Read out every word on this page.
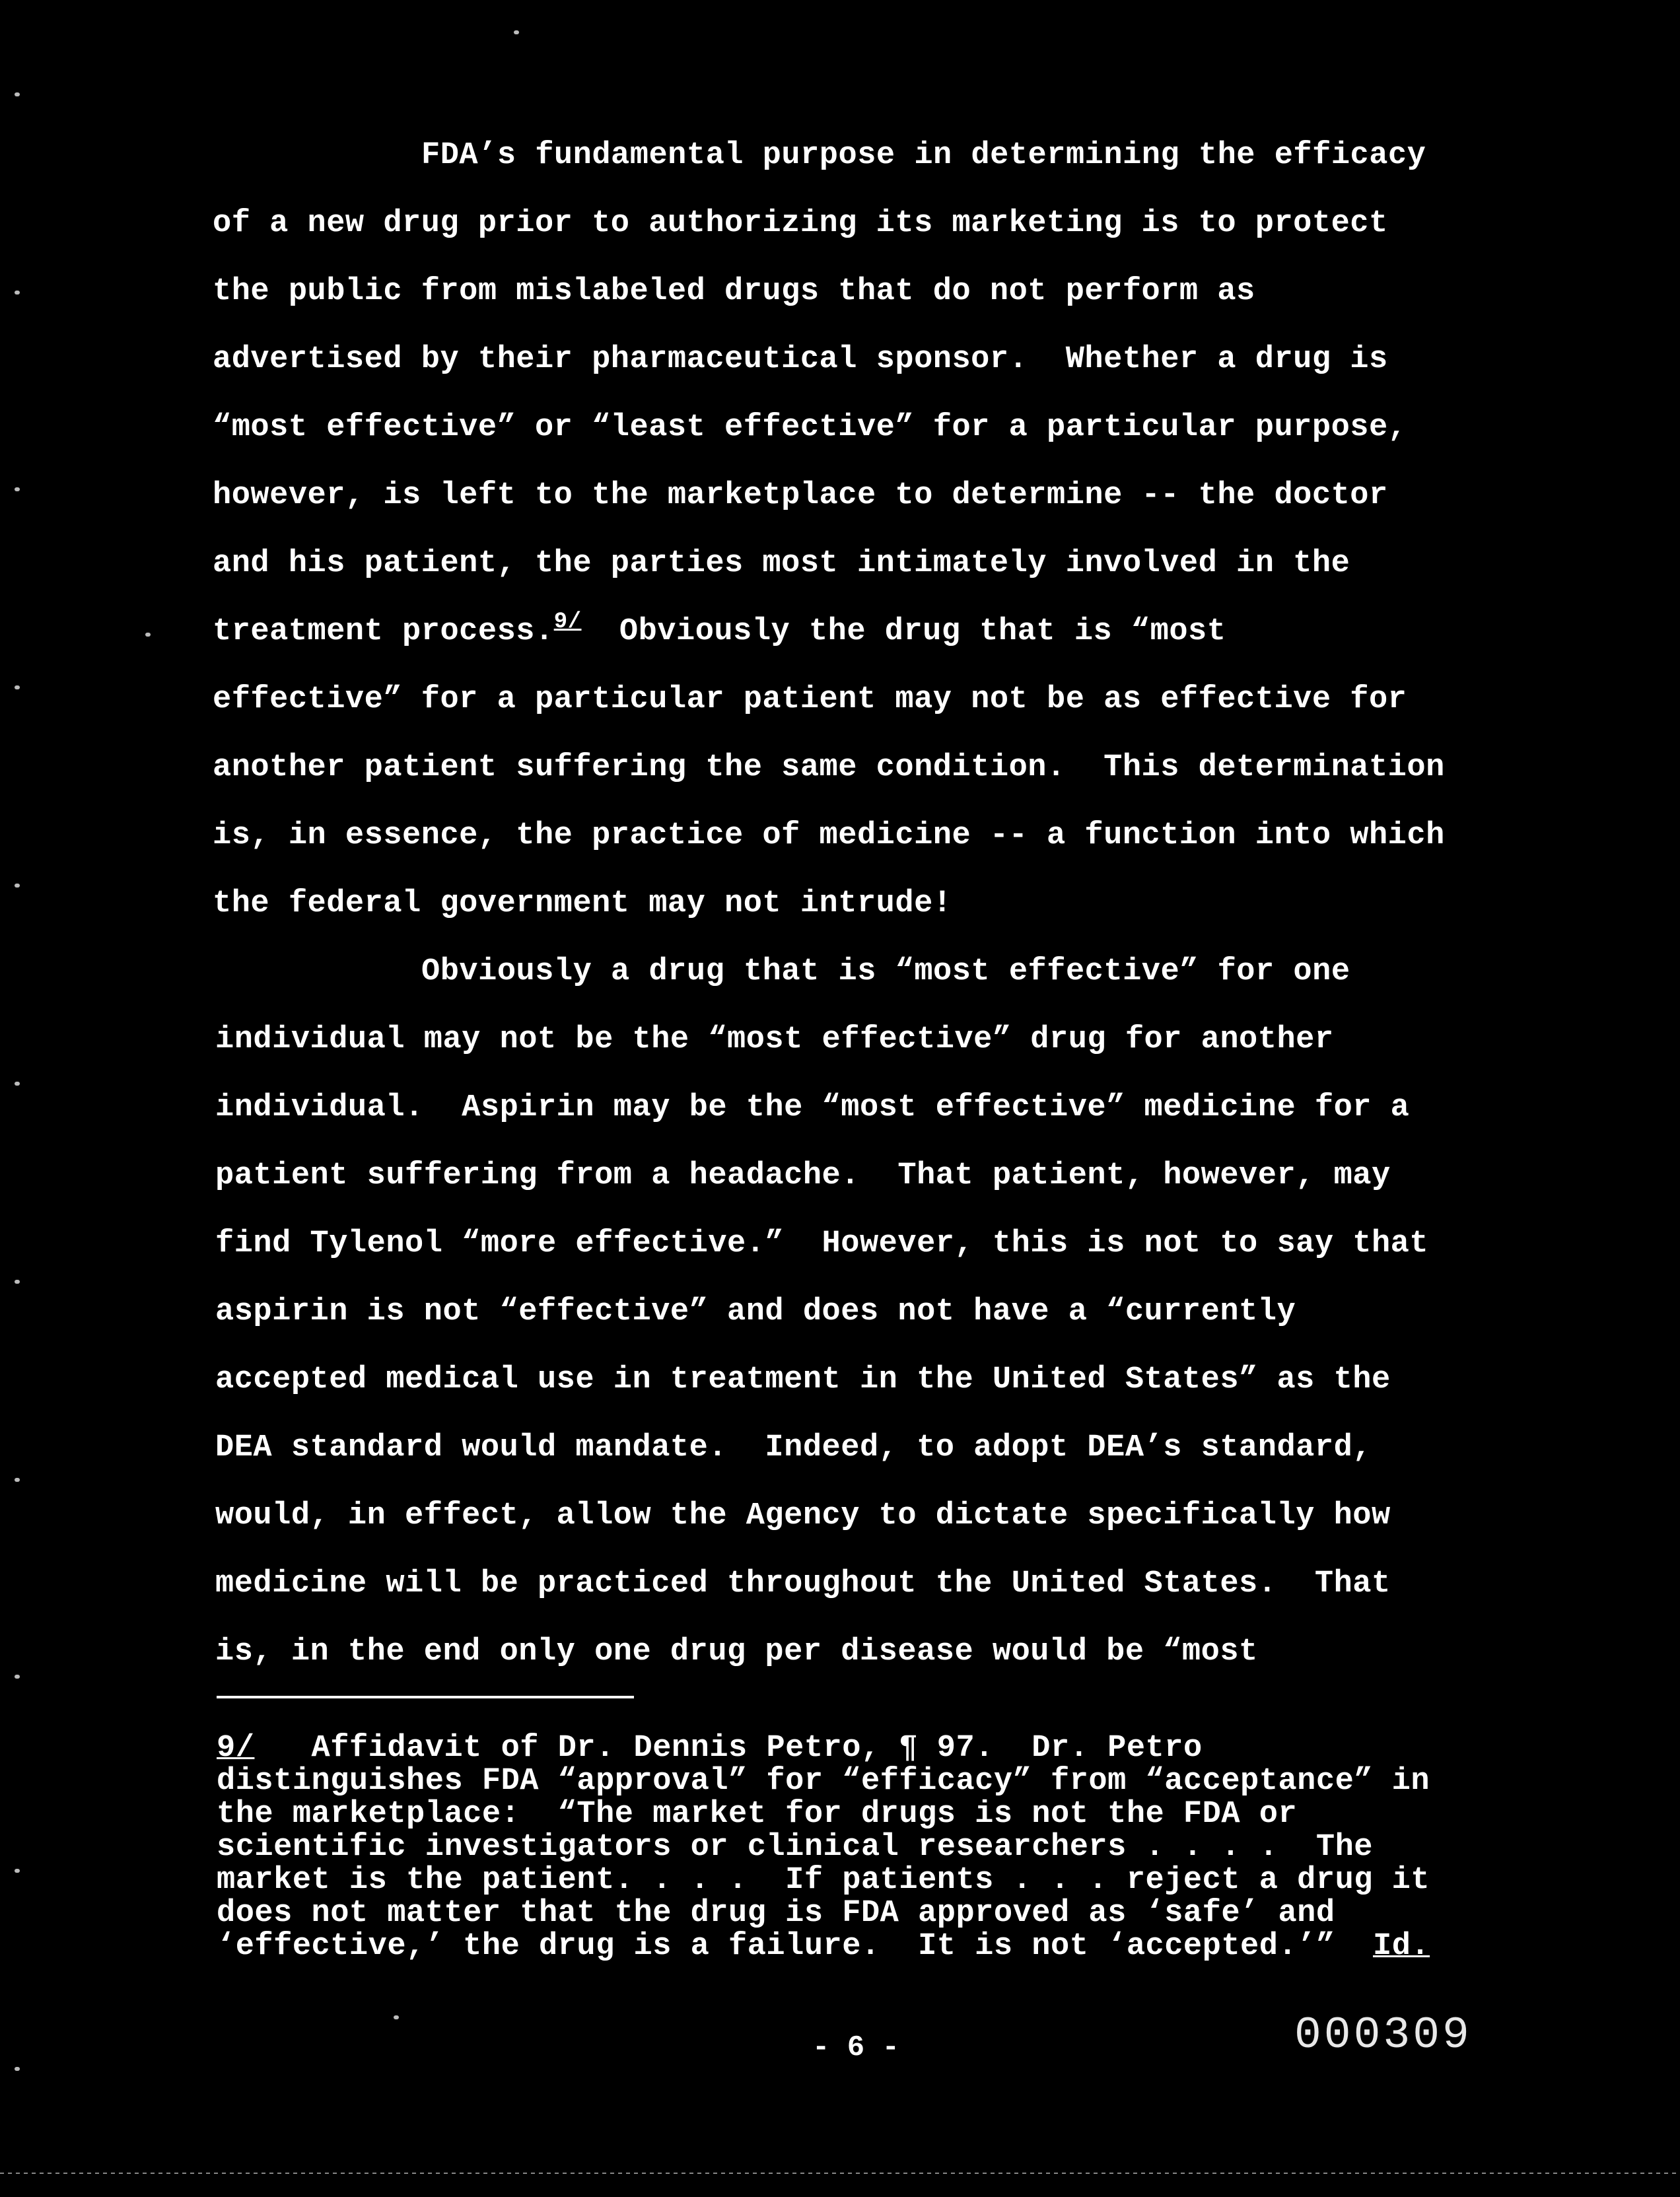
FDA’s fundamental purpose in determining the efficacy
of a new drug prior to authorizing its marketing is to protect
the public from mislabeled drugs that do not perform as
advertised by their pharmaceutical sponsor.  Whether a drug is
“most effective” or “least effective” for a particular purpose,
however, is left to the marketplace to determine -- the doctor
and his patient, the parties most intimately involved in the
treatment process.$^{9/}$  Obviously the drug that is “most
effective” for a particular patient may not be as effective for
another patient suffering the same condition.  This determination
is, in essence, the practice of medicine -- a function into which
the federal government may not intrude!
Obviously a drug that is “most effective” for one
individual may not be the “most effective” drug for another
individual.  Aspirin may be the “most effective” medicine for a
patient suffering from a headache.  That patient, however, may
find Tylenol “more effective.”  However, this is not to say that
aspirin is not “effective” and does not have a “currently
accepted medical use in treatment in the United States” as the
DEA standard would mandate.  Indeed, to adopt DEA’s standard,
would, in effect, allow the Agency to dictate specifically how
medicine will be practiced throughout the United States.  That
is, in the end only one drug per disease would be “most
9/   Affidavit of Dr. Dennis Petro, ¶ 97.  Dr. Petro
distinguishes FDA “approval” for “efficacy” from “acceptance” in
the marketplace:  “The market for drugs is not the FDA or
scientific investigators or clinical researchers . . . .  The
market is the patient. . . .  If patients . . . reject a drug it
does not matter that the drug is FDA approved as ‘safe’ and
‘effective,’ the drug is a failure.  It is not ‘accepted.’”  Id.
- 6 -	000309
